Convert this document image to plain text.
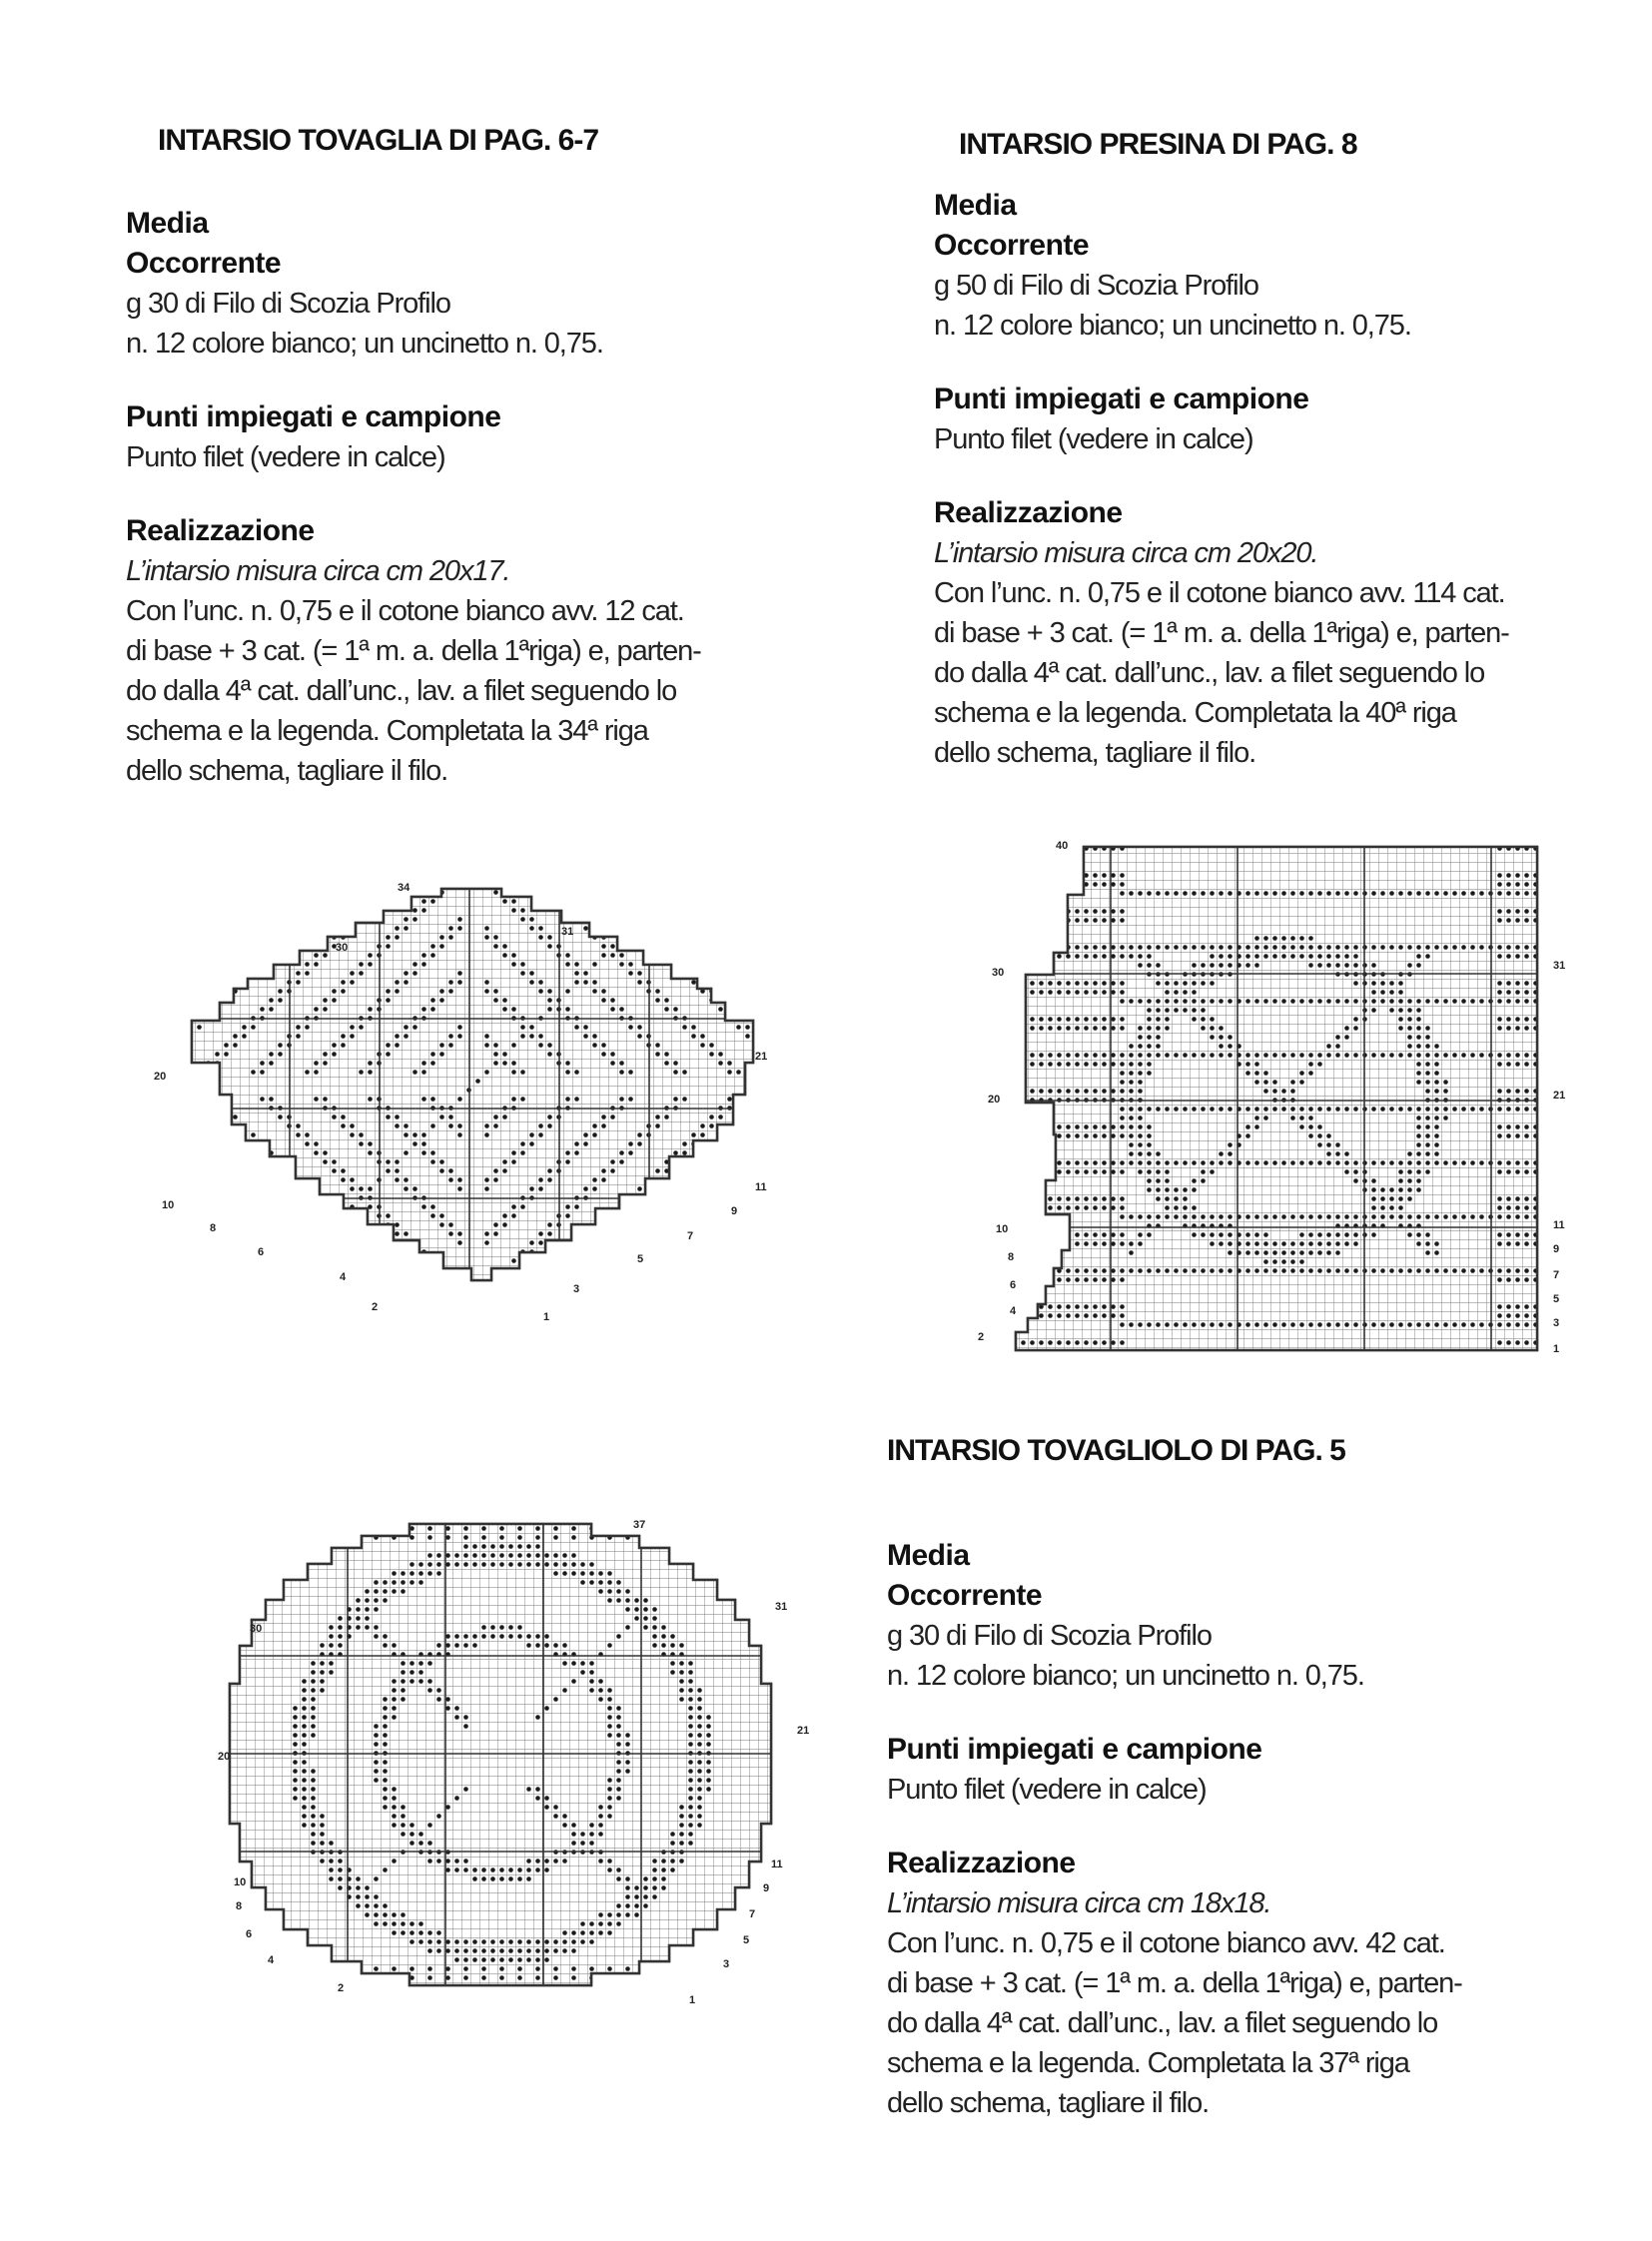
INTARSIO TOVAGLIA DI PAG. 6-7

Media

Occorrente

g 30 di Filo di Scozia Profilo

n. 12 colore bianco; un uncinetto n. 0,75.

Punti impiegati e campione

Punto filet (vedere in calce)

Realizzazione

L’intarsio misura circa cm 20x17.

Con l’unc. n. 0,75 e il cotone bianco avv. 12 cat.

di base + 3 cat. (= 1ª m. a. della 1ªriga) e, parten-

do dalla 4ª cat. dall’unc., lav. a filet seguendo lo

schema e la legenda. Completata la 34ª riga

dello schema, tagliare il filo.

INTARSIO PRESINA DI PAG. 8

Media

Occorrente

g 50 di Filo di Scozia Profilo

n. 12 colore bianco; un uncinetto n. 0,75.

Punti impiegati e campione

Punto filet (vedere in calce)

Realizzazione

L’intarsio misura circa cm 20x20.

Con l’unc. n. 0,75 e il cotone bianco avv. 114 cat.

di base + 3 cat. (= 1ª m. a. della 1ªriga) e, parten-

do dalla 4ª cat. dall’unc., lav. a filet seguendo lo

schema e la legenda. Completata la 40ª riga

dello schema, tagliare il filo.

INTARSIO TOVAGLIOLO DI PAG. 5

Media

Occorrente

g 30 di Filo di Scozia Profilo

n. 12 colore bianco; un uncinetto n. 0,75.

Punti impiegati e campione

Punto filet (vedere in calce)

Realizzazione

L’intarsio misura circa cm 18x18.

Con l’unc. n. 0,75 e il cotone bianco avv. 42 cat.

di base + 3 cat. (= 1ª m. a. della 1ªriga) e, parten-

do dalla 4ª cat. dall’unc., lav. a filet seguendo lo

schema e la legenda. Completata la 37ª riga

dello schema, tagliare il filo.

34
30
20
10
8
6
4
2
31
21
11
9
7
5
3
1
40
30
20
10
8
6
4
2
31
21
11
9
7
5
3
1
30
20
10
8
6
4
2
37
31
21
11
9
7
5
3
1
